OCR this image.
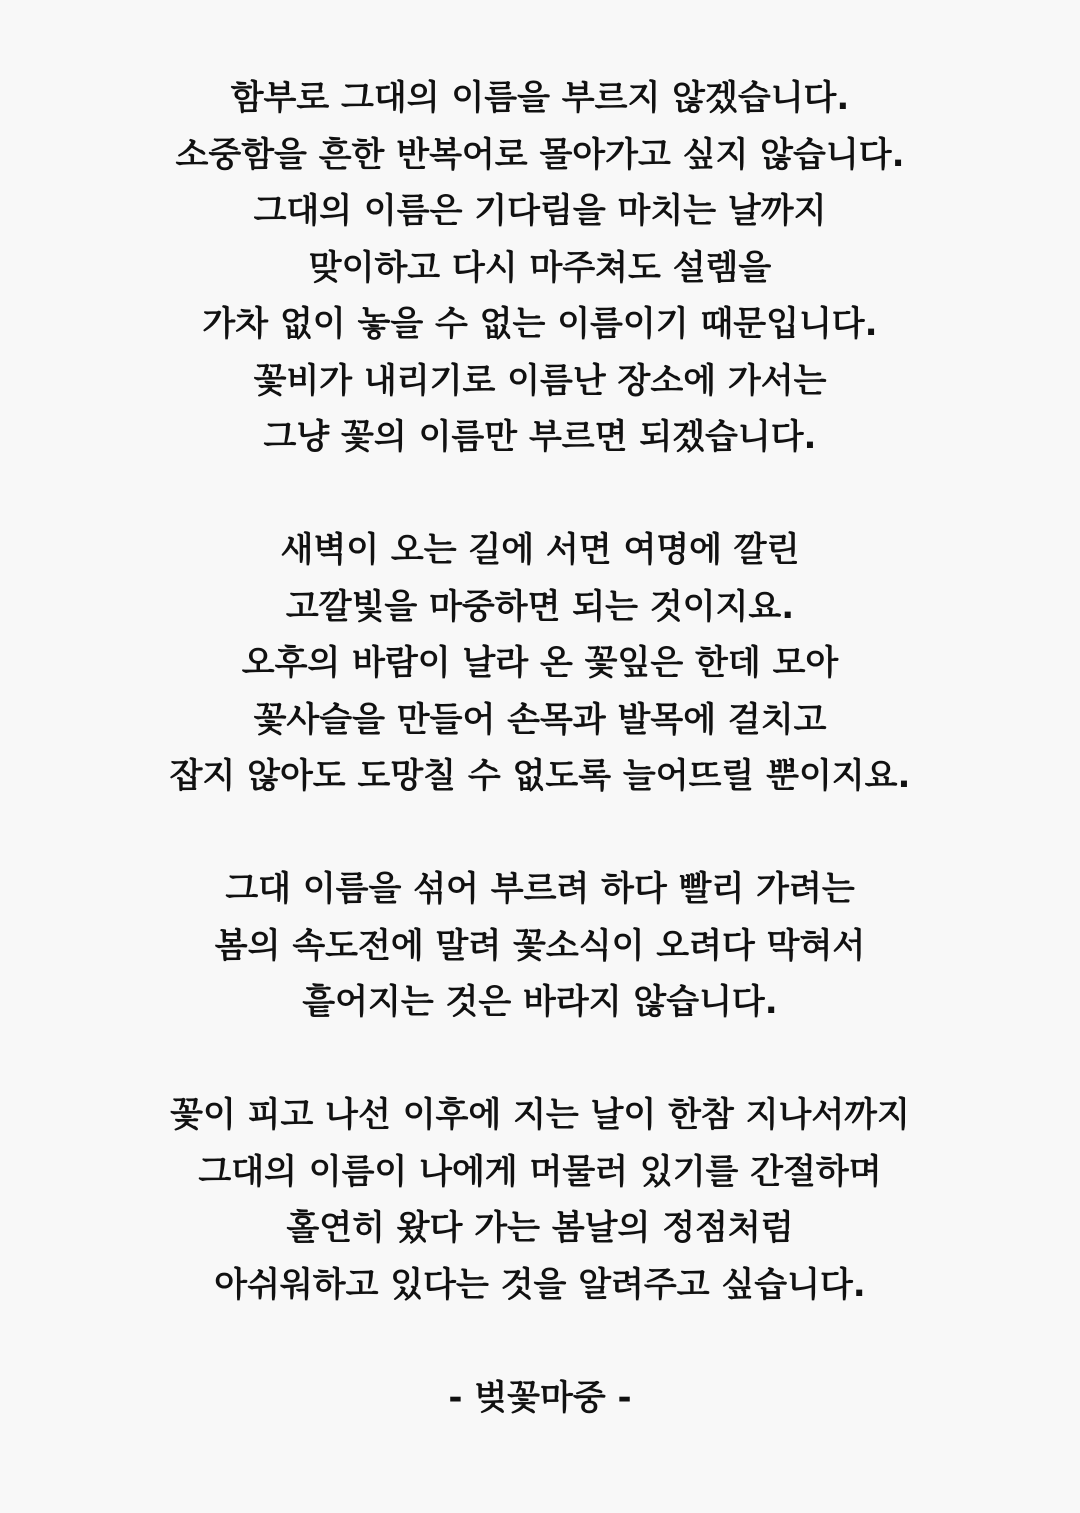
함부로 그대의 이름을 부르지 않겠습니다.
소중함을 흔한 반복어로 몰아가고 싶지 않습니다.
그대의 이름은 기다림을 마치는 날까지
맞이하고 다시 마주쳐도 설렘을
가차 없이 놓을 수 없는 이름이기 때문입니다.
꽃비가 내리기로 이름난 장소에 가서는
그냥 꽃의 이름만 부르면 되겠습니다.
새벽이 오는 길에 서면 여명에 깔린
고깔빛을 마중하면 되는 것이지요.
오후의 바람이 날라 온 꽃잎은 한데 모아
꽃사슬을 만들어 손목과 발목에 걸치고
잡지 않아도 도망칠 수 없도록 늘어뜨릴 뿐이지요.
그대 이름을 섞어 부르려 하다 빨리 가려는
봄의 속도전에 말려 꽃소식이 오려다 막혀서
흩어지는 것은 바라지 않습니다.
꽃이 피고 나선 이후에 지는 날이 한참 지나서까지
그대의 이름이 나에게 머물러 있기를 간절하며
홀연히 왔다 가는 봄날의 정점처럼
아쉬워하고 있다는 것을 알려주고 싶습니다.
- 벚꽃마중 -
